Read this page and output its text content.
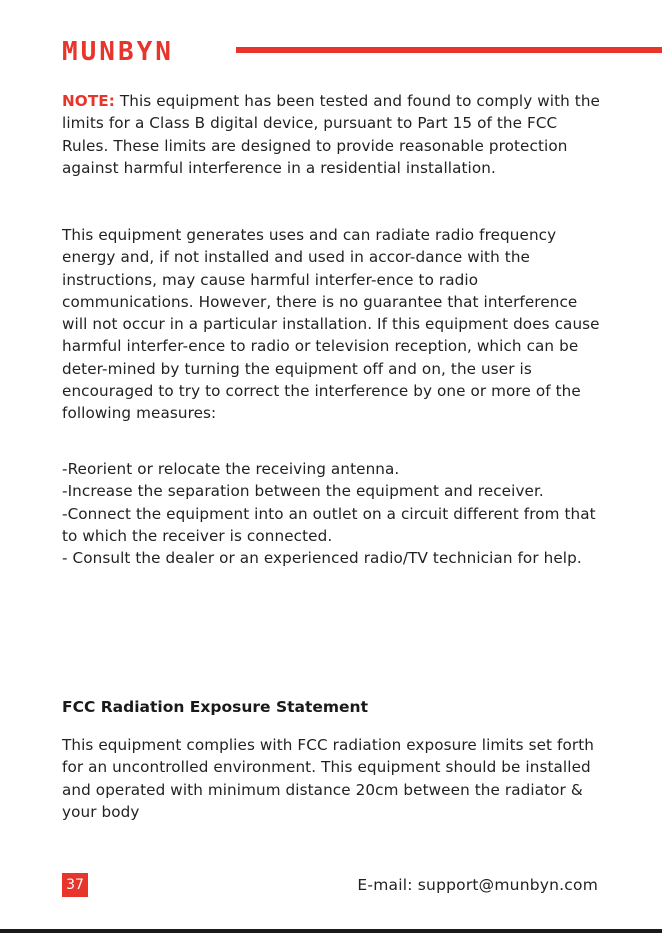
MUNBYN
NOTE: This equipment has been tested and found to comply with the limits for a Class B digital device, pursuant to Part 15 of the FCC Rules. These limits are designed to provide reasonable protection against harmful interference in a residential installation.
This equipment generates uses and can radiate radio frequency energy and, if not installed and used in accor-dance with the instructions, may cause harmful interfer-ence to radio communications. However, there is no guarantee that interference will not occur in a particular installation. If this equipment does cause harmful interfer-ence to radio or television reception, which can be deter-mined by turning the equipment off and on, the user is encouraged to try to correct the interference by one or more of the following measures:
-Reorient or relocate the receiving antenna.
-Increase the separation between the equipment and receiver.
-Connect the equipment into an outlet on a circuit different from that to which the receiver is connected.
- Consult the dealer or an experienced radio/TV technician for help.
FCC Radiation Exposure Statement
This equipment complies with FCC radiation exposure limits set forth for an uncontrolled environment. This equipment should be installed and operated with minimum distance 20cm between the radiator & your body
37	E-mail: support@munbyn.com
